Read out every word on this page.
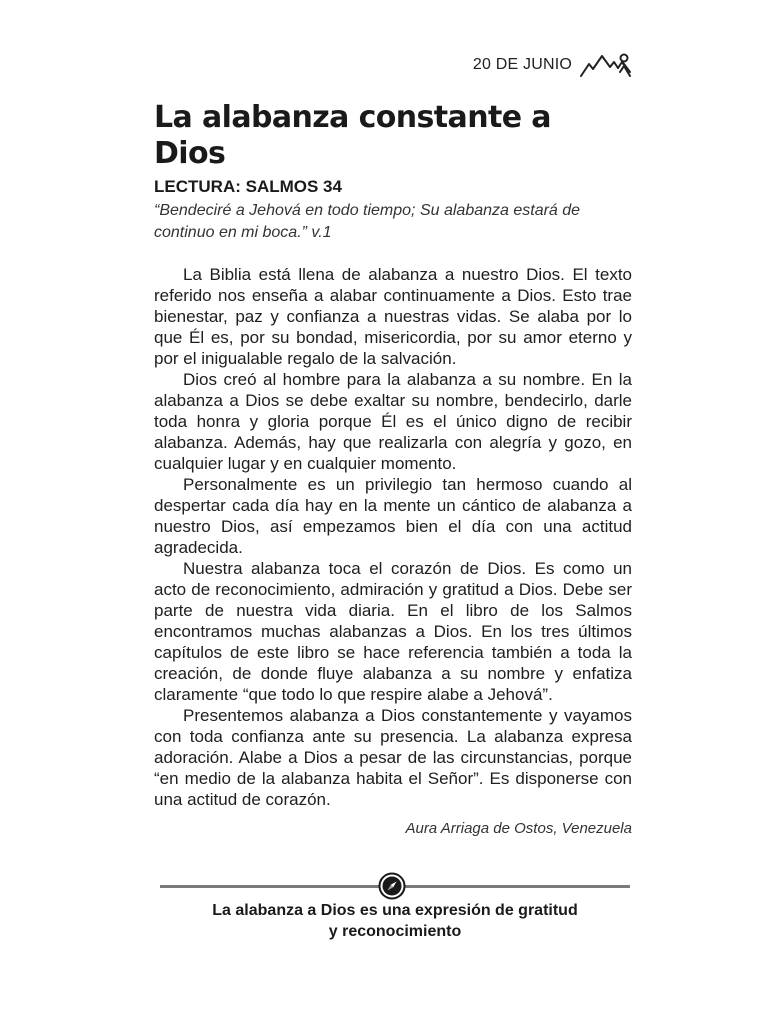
20 DE JUNIO
La alabanza constante a Dios
LECTURA: SALMOS 34
“Bendeciré a Jehová en todo tiempo; Su alabanza estará de continuo en mi boca.” v.1

La Biblia está llena de alabanza a nuestro Dios. El texto referido nos enseña a alabar continuamente a Dios. Esto trae bienestar, paz y confianza a nuestras vidas. Se alaba por lo que Él es, por su bondad, misericordia, por su amor eterno y por el inigualable regalo de la salvación.

Dios creó al hombre para la alabanza a su nombre. En la alabanza a Dios se debe exaltar su nombre, bendecirlo, darle toda honra y gloria porque Él es el único digno de recibir alabanza. Además, hay que realizarla con alegría y gozo, en cualquier lugar y en cualquier momento.

Personalmente es un privilegio tan hermoso cuando al despertar cada día hay en la mente un cántico de alabanza a nuestro Dios, así empezamos bien el día con una actitud agradecida.

Nuestra alabanza toca el corazón de Dios. Es como un acto de reconocimiento, admiración y gratitud a Dios. Debe ser parte de nuestra vida diaria. En el libro de los Salmos encontramos muchas alabanzas a Dios. En los tres últimos capítulos de este libro se hace referencia también a toda la creación, de donde fluye alabanza a su nombre y enfatiza claramente “que todo lo que respire alabe a Jehová”.

Presentemos alabanza a Dios constantemente y vayamos con toda confianza ante su presencia. La alabanza expresa adoración. Alabe a Dios a pesar de las circunstancias, porque “en medio de la alabanza habita el Señor”. Es disponerse con una actitud de corazón.

Aura Arriaga de Ostos, Venezuela
La alabanza a Dios es una expresión de gratitud
y reconocimiento
